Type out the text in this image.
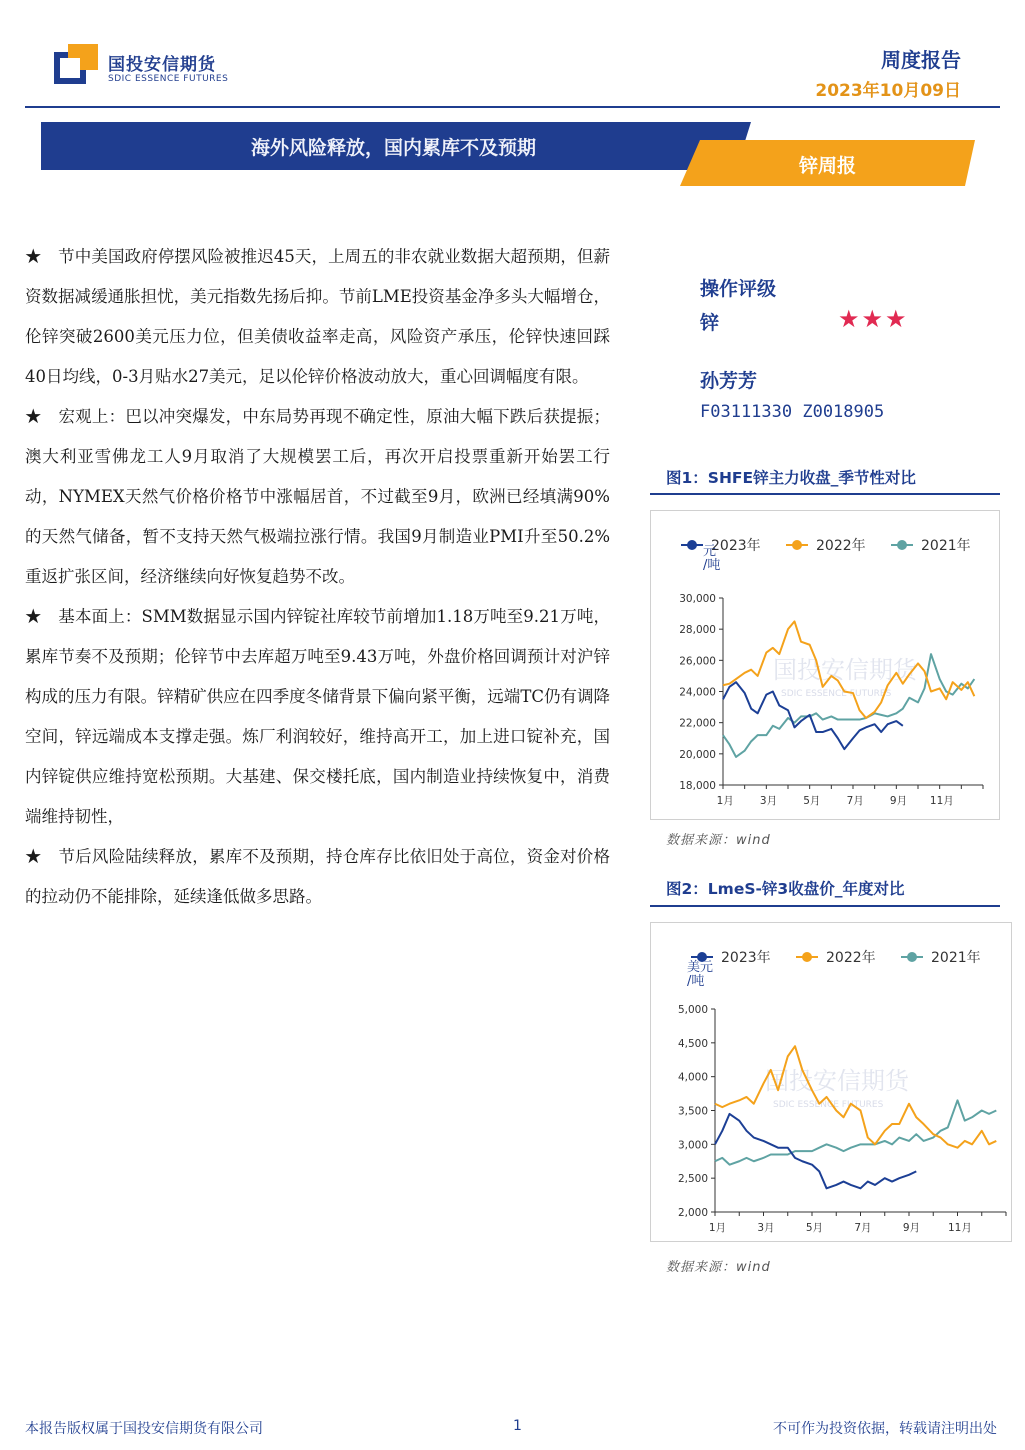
国投安信期货
SDIC ESSENCE FUTURES
周度报告
2023年10月09日
海外风险释放，国内累库不及预期
锌周报

★　节中美国政府停摆风险被推迟45天，上周五的非农就业数据大超预期，但薪资数据减缓通胀担忧，美元指数先扬后抑。节前LME投资基金净多头大幅增仓，伦锌突破2600美元压力位，但美债收益率走高，风险资产承压，伦锌快速回踩40日均线，0-3月贴水27美元，足以伦锌价格波动放大，重心回调幅度有限。

★　宏观上：巴以冲突爆发，中东局势再现不确定性，原油大幅下跌后获提振；澳大利亚雪佛龙工人9月取消了大规模罢工后，再次开启投票重新开始罢工行动，NYMEX天然气价格价格节中涨幅居首，不过截至9月，欧洲已经填满90%的天然气储备，暂不支持天然气极端拉涨行情。我国9月制造业PMI升至50.2%重返扩张区间，经济继续向好恢复趋势不改。

★　基本面上：SMM数据显示国内锌锭社库较节前增加1.18万吨至9.21万吨，累库节奏不及预期；伦锌节中去库超万吨至9.43万吨，外盘价格回调预计对沪锌构成的压力有限。锌精矿供应在四季度冬储背景下偏向紧平衡，远端TC仍有调降空间，锌远端成本支撑走强。炼厂利润较好，维持高开工，加上进口锭补充，国内锌锭供应维持宽松预期。大基建、保交楼托底，国内制造业持续恢复中，消费端维持韧性，

★　节后风险陆续释放，累库不及预期，持仓库存比依旧处于高位，资金对价格的拉动仍不能排除，延续逢低做多思路。

操作评级
锌	★★★
孙芳芳
F03111330 Z0018905
图1：SHFE锌主力收盘_季节性对比
2023年	2022年	2021年
元
/吨
国投安信期货
SDIC ESSENCE FUTURES
18,000
20,000
22,000
24,000
26,000
28,000
30,000
1月 3月 5月 7月 9月 11月
数据来源：wind
图2：LmeS-锌3收盘价_年度对比
2023年	2022年	2021年
美元
/吨
国投安信期货
SDIC ESSENCE FUTURES
2,000
2,500
3,000
3,500
4,000
4,500
5,000
1月	3月	5月	7月	9月	11月
数据来源：wind
本报告版权属于国投安信期货有限公司	1	不可作为投资依据，转载请注明出处
